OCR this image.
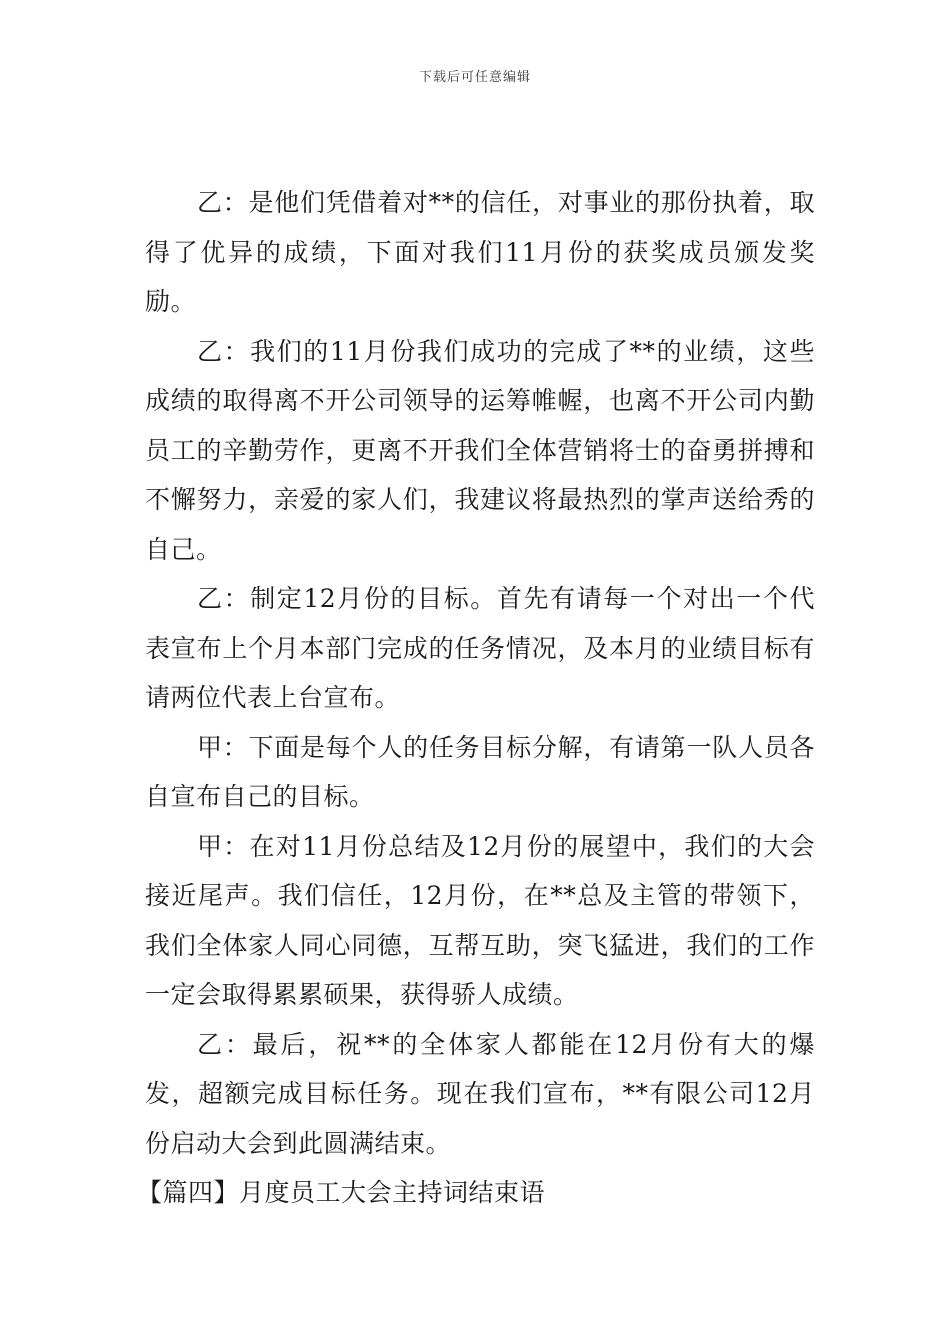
下载后可任意编辑

乙：是他们凭借着对**的信任，对事业的那份执着，取得了优异的成绩，下面对我们11月份的获奖成员颁发奖励。

乙：我们的11月份我们成功的完成了**的业绩，这些成绩的取得离不开公司领导的运筹帷幄，也离不开公司内勤员工的辛勤劳作，更离不开我们全体营销将士的奋勇拼搏和不懈努力，亲爱的家人们，我建议将最热烈的掌声送给秀的自己。

乙：制定12月份的目标。首先有请每一个对出一个代表宣布上个月本部门完成的任务情况，及本月的业绩目标有请两位代表上台宣布。

甲：下面是每个人的任务目标分解，有请第一队人员各自宣布自己的目标。

甲：在对11月份总结及12月份的展望中，我们的大会接近尾声。我们信任，12月份，在**总及主管的带领下，我们全体家人同心同德，互帮互助，突飞猛进，我们的工作一定会取得累累硕果，获得骄人成绩。

乙：最后，祝**的全体家人都能在12月份有大的爆发，超额完成目标任务。现在我们宣布，**有限公司12月份启动大会到此圆满结束。

【篇四】月度员工大会主持词结束语
